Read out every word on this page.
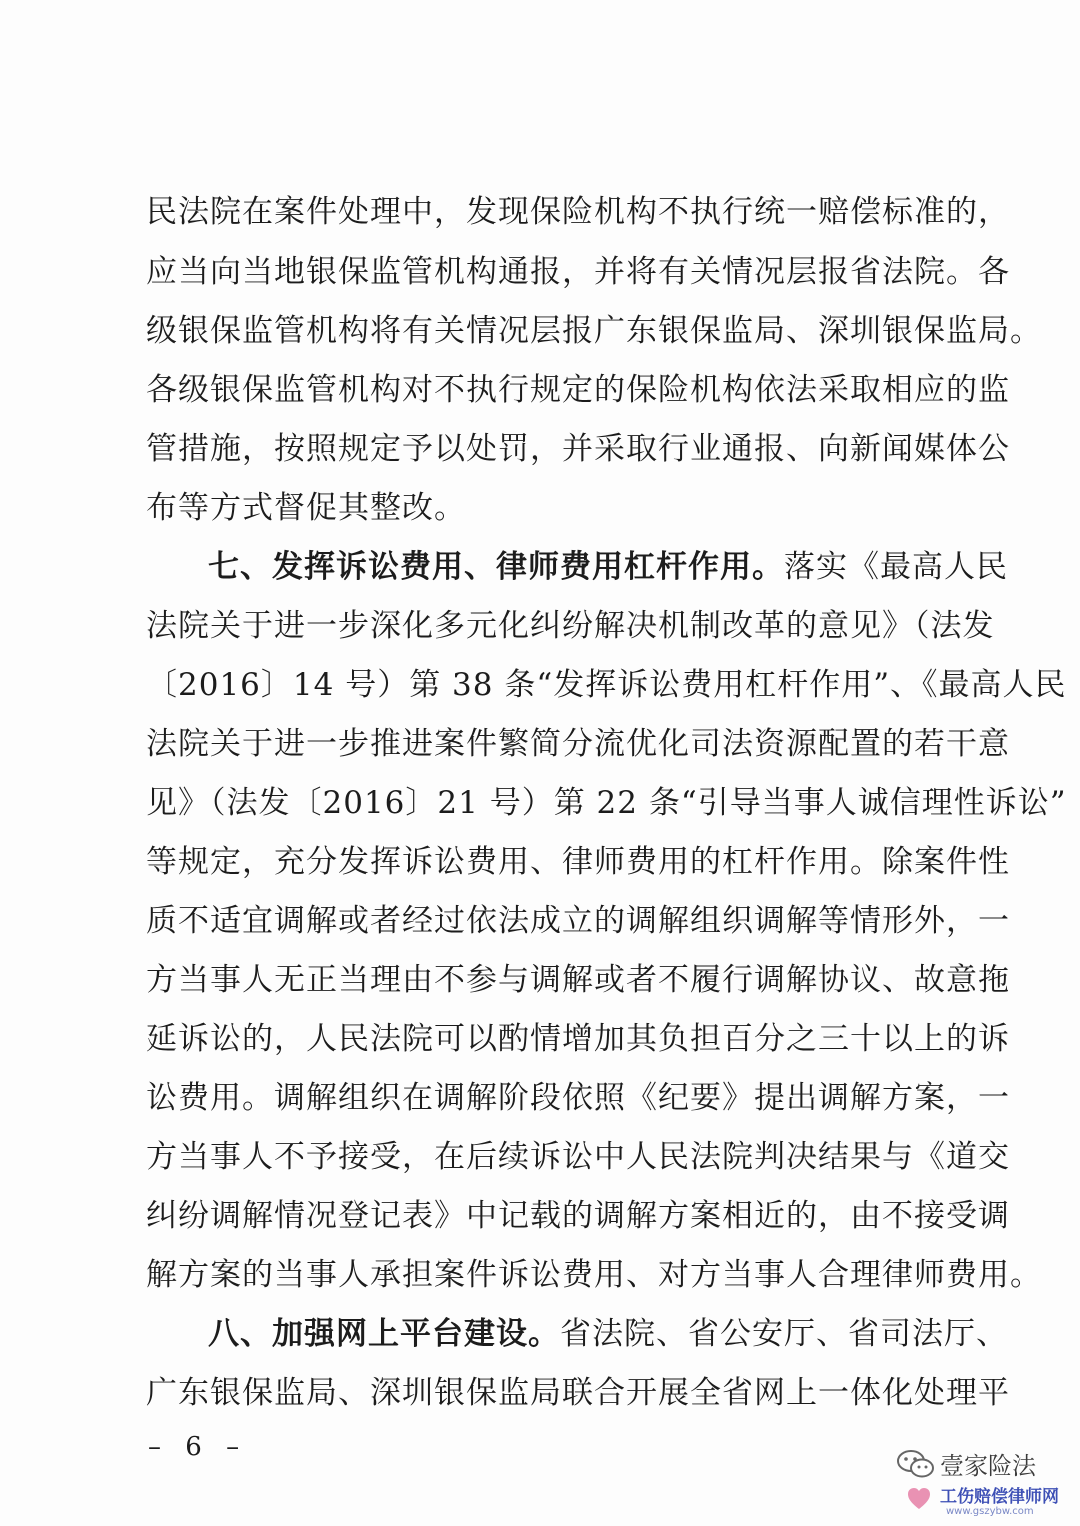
民法院在案件处理中，发现保险机构不执行统一赔偿标准的，
应当向当地银保监管机构通报，并将有关情况层报省法院。各
级银保监管机构将有关情况层报广东银保监局、深圳银保监局。
各级银保监管机构对不执行规定的保险机构依法采取相应的监
管措施，按照规定予以处罚，并采取行业通报、向新闻媒体公
布等方式督促其整改。
七、发挥诉讼费用、律师费用杠杆作用。落实《最高人民
法院关于进一步深化多元化纠纷解决机制改革的意见》（法发
〔2016〕14 号）第 38 条“发挥诉讼费用杠杆作用”、《最高人民
法院关于进一步推进案件繁简分流优化司法资源配置的若干意
见》（法发〔2016〕21 号）第 22 条“引导当事人诚信理性诉讼”
等规定，充分发挥诉讼费用、律师费用的杠杆作用。除案件性
质不适宜调解或者经过依法成立的调解组织调解等情形外，一
方当事人无正当理由不参与调解或者不履行调解协议、故意拖
延诉讼的，人民法院可以酌情增加其负担百分之三十以上的诉
讼费用。调解组织在调解阶段依照《纪要》提出调解方案，一
方当事人不予接受，在后续诉讼中人民法院判决结果与《道交
纠纷调解情况登记表》中记载的调解方案相近的，由不接受调
解方案的当事人承担案件诉讼费用、对方当事人合理律师费用。
八、加强网上平台建设。省法院、省公安厅、省司法厅、
广东银保监局、深圳银保监局联合开展全省网上一体化处理平
– 6 –
壹家险法
工伤赔偿律师网
www.gszybw.com
